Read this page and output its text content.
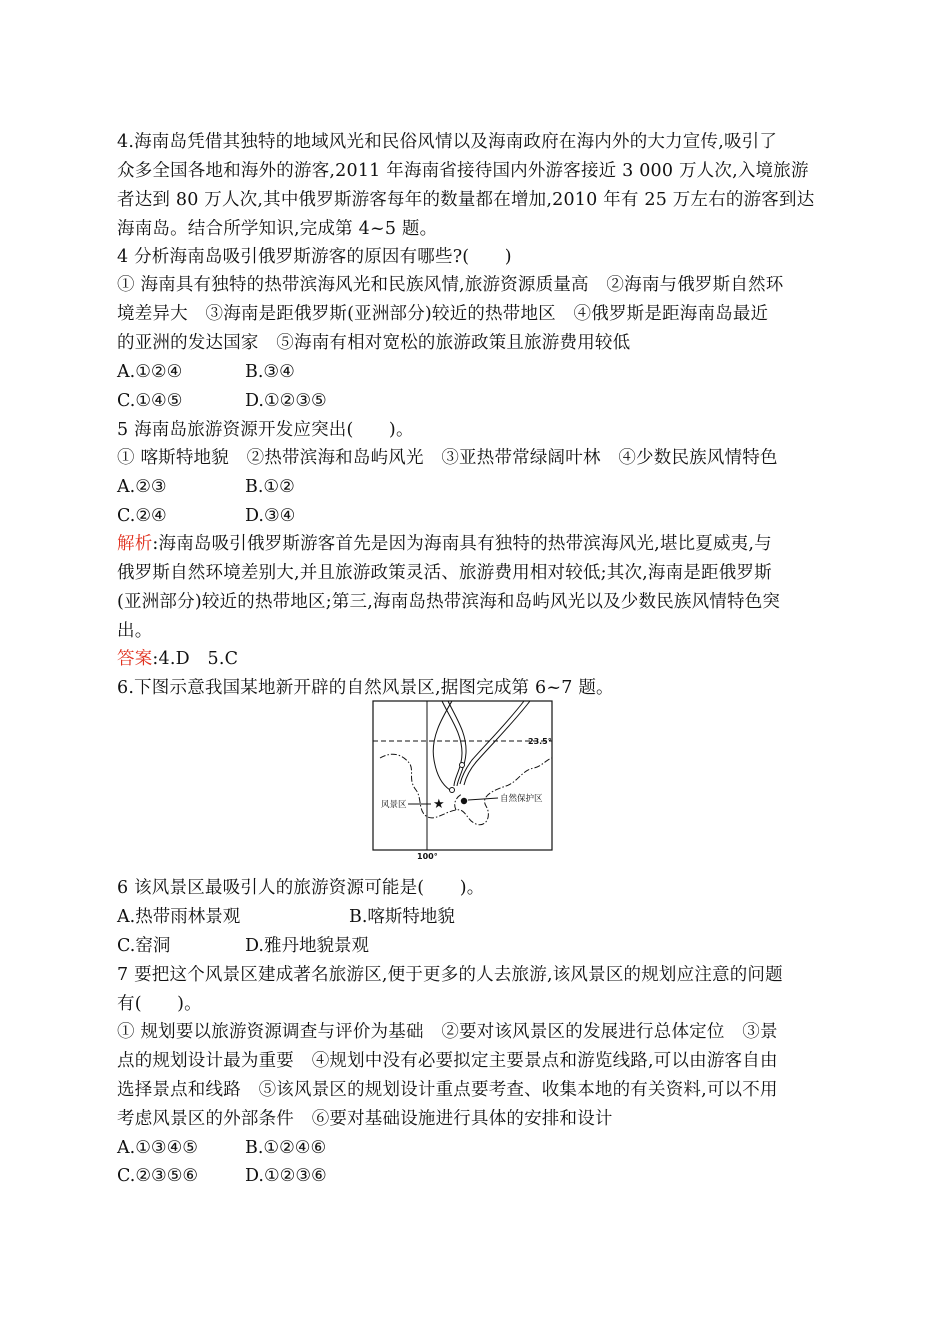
4.海南岛凭借其独特的地域风光和民俗风情以及海南政府在海内外的大力宣传,吸引了
众多全国各地和海外的游客,2011 年海南省接待国内外游客接近 3 000 万人次,入境旅游
者达到 80 万人次,其中俄罗斯游客每年的数量都在增加,2010 年有 25 万左右的游客到达
海南岛。结合所学知识,完成第 4~5 题。
4 分析海南岛吸引俄罗斯游客的原因有哪些?(　　)
① 海南具有独特的热带滨海风光和民族风情,旅游资源质量高　②海南与俄罗斯自然环
境差异大　③海南是距俄罗斯(亚洲部分)较近的热带地区　④俄罗斯是距海南岛最近
的亚洲的发达国家　⑤海南有相对宽松的旅游政策且旅游费用较低
A.①②④	B.③④
C.①④⑤	D.①②③⑤
5 海南岛旅游资源开发应突出(　　)。
① 喀斯特地貌　②热带滨海和岛屿风光　③亚热带常绿阔叶林　④少数民族风情特色
A.②③	B.①②
C.②④	D.③④
解析:海南岛吸引俄罗斯游客首先是因为海南具有独特的热带滨海风光,堪比夏威夷,与
俄罗斯自然环境差别大,并且旅游政策灵活、旅游费用相对较低;其次,海南是距俄罗斯
(亚洲部分)较近的热带地区;第三,海南岛热带滨海和岛屿风光以及少数民族风情特色突
出。
答案:4.D　5.C
6.下图示意我国某地新开辟的自然风景区,据图完成第 6~7 题。
自然保护区
★
风景区
23.5°
100°
6 该风景区最吸引人的旅游资源可能是(　　)。
A.热带雨林景观	B.喀斯特地貌
C.窑洞	D.雅丹地貌景观
7 要把这个风景区建成著名旅游区,便于更多的人去旅游,该风景区的规划应注意的问题
有(　　)。
① 规划要以旅游资源调查与评价为基础　②要对该风景区的发展进行总体定位　③景
点的规划设计最为重要　④规划中没有必要拟定主要景点和游览线路,可以由游客自由
选择景点和线路　⑤该风景区的规划设计重点要考查、收集本地的有关资料,可以不用
考虑风景区的外部条件　⑥要对基础设施进行具体的安排和设计
A.①③④⑤	B.①②④⑥
C.②③⑤⑥	D.①②③⑥
